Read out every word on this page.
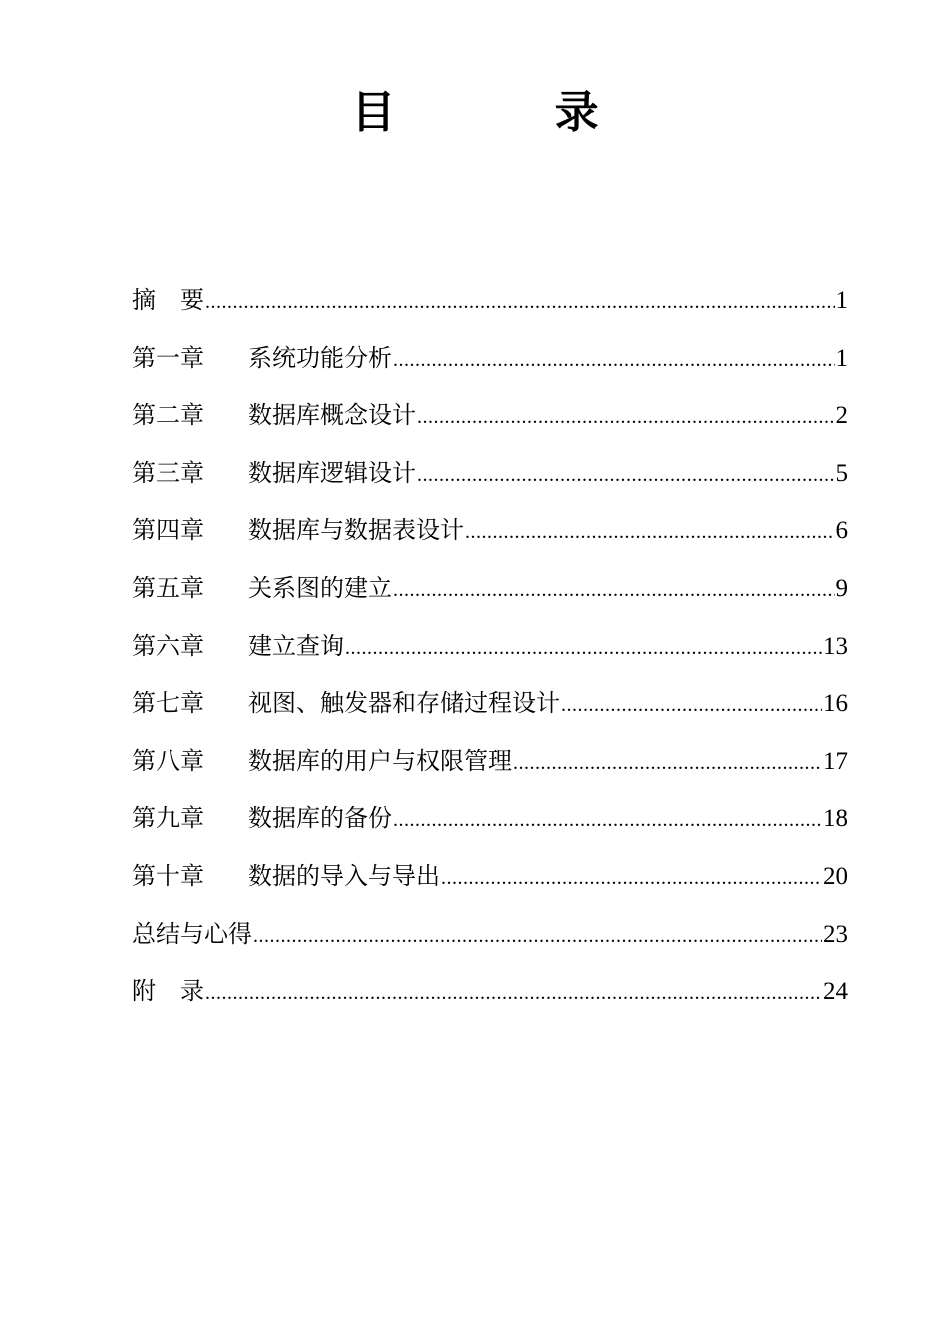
目 录
摘　要 .....	1
第一章	系统功能分析 .....	1
第二章	数据库概念设计 .....	2
第三章	数据库逻辑设计 .....	5
第四章	数据库与数据表设计 .....	6
第五章	关系图的建立 .....	9
第六章	建立查询 .....	13
第七章	视图、触发器和存储过程设计 .....	16
第八章	数据库的用户与权限管理 .....	17
第九章	数据库的备份 .....	18
第十章	数据的导入与导出 .....	20
总结与心得 .....	23
附　录 .....	24
